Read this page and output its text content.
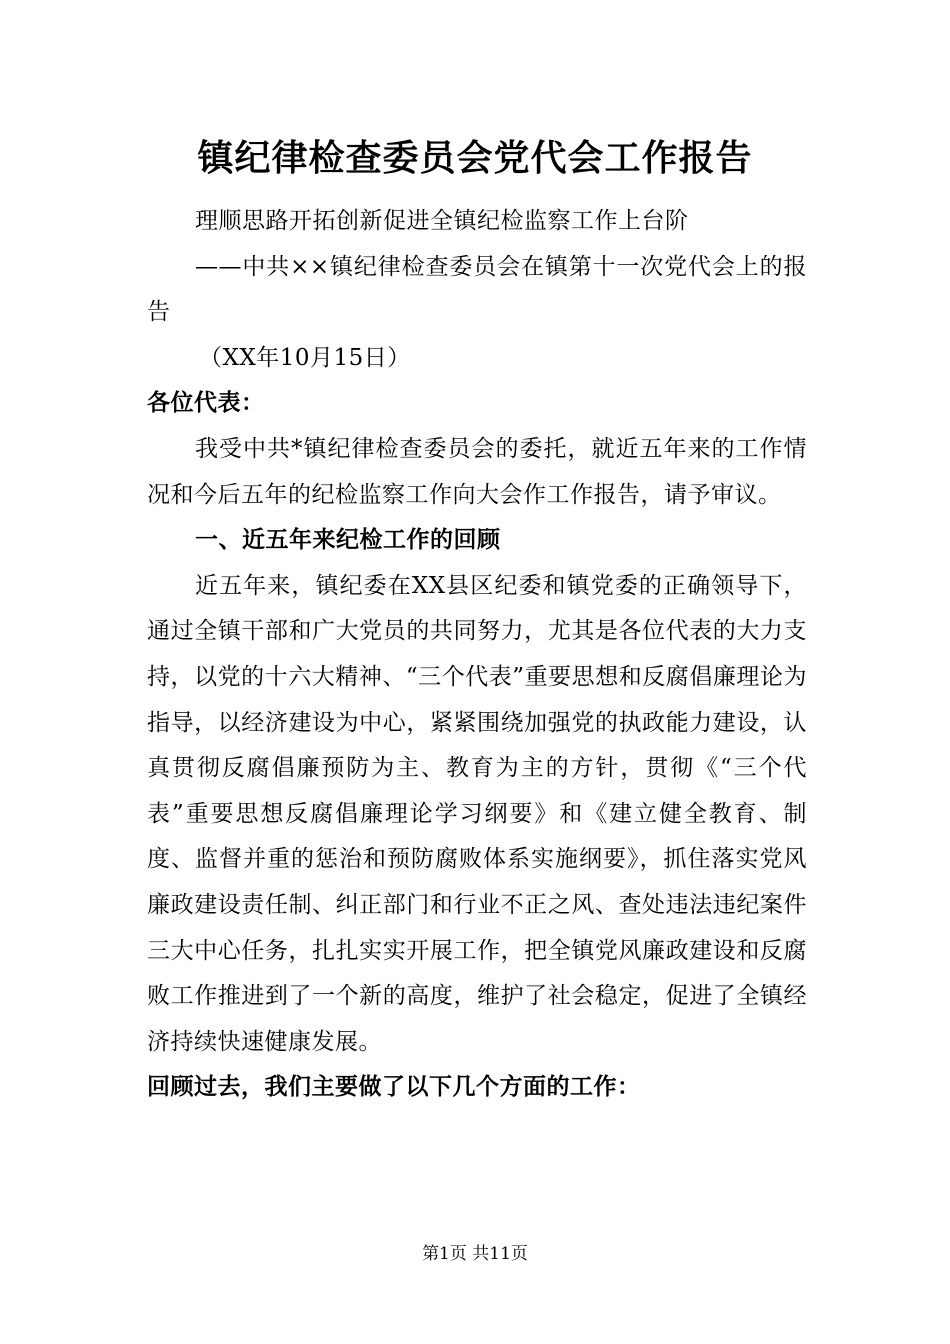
镇纪律检查委员会党代会工作报告

理顺思路开拓创新促进全镇纪检监察工作上台阶

——中共××镇纪律检查委员会在镇第十一次党代会上的报告

（XX年10月15日）

各位代表：

我受中共*镇纪律检查委员会的委托，就近五年来的工作情况和今后五年的纪检监察工作向大会作工作报告，请予审议。

一、近五年来纪检工作的回顾

近五年来，镇纪委在XX县区纪委和镇党委的正确领导下，通过全镇干部和广大党员的共同努力，尤其是各位代表的大力支持，以党的十六大精神、“三个代表”重要思想和反腐倡廉理论为指导，以经济建设为中心，紧紧围绕加强党的执政能力建设，认真贯彻反腐倡廉预防为主、教育为主的方针，贯彻《“三个代表”重要思想反腐倡廉理论学习纲要》和《建立健全教育、制度、监督并重的惩治和预防腐败体系实施纲要》，抓住落实党风廉政建设责任制、纠正部门和行业不正之风、查处违法违纪案件三大中心任务，扎扎实实开展工作，把全镇党风廉政建设和反腐败工作推进到了一个新的高度，维护了社会稳定，促进了全镇经济持续快速健康发展。

回顾过去，我们主要做了以下几个方面的工作：

第1页 共11页
